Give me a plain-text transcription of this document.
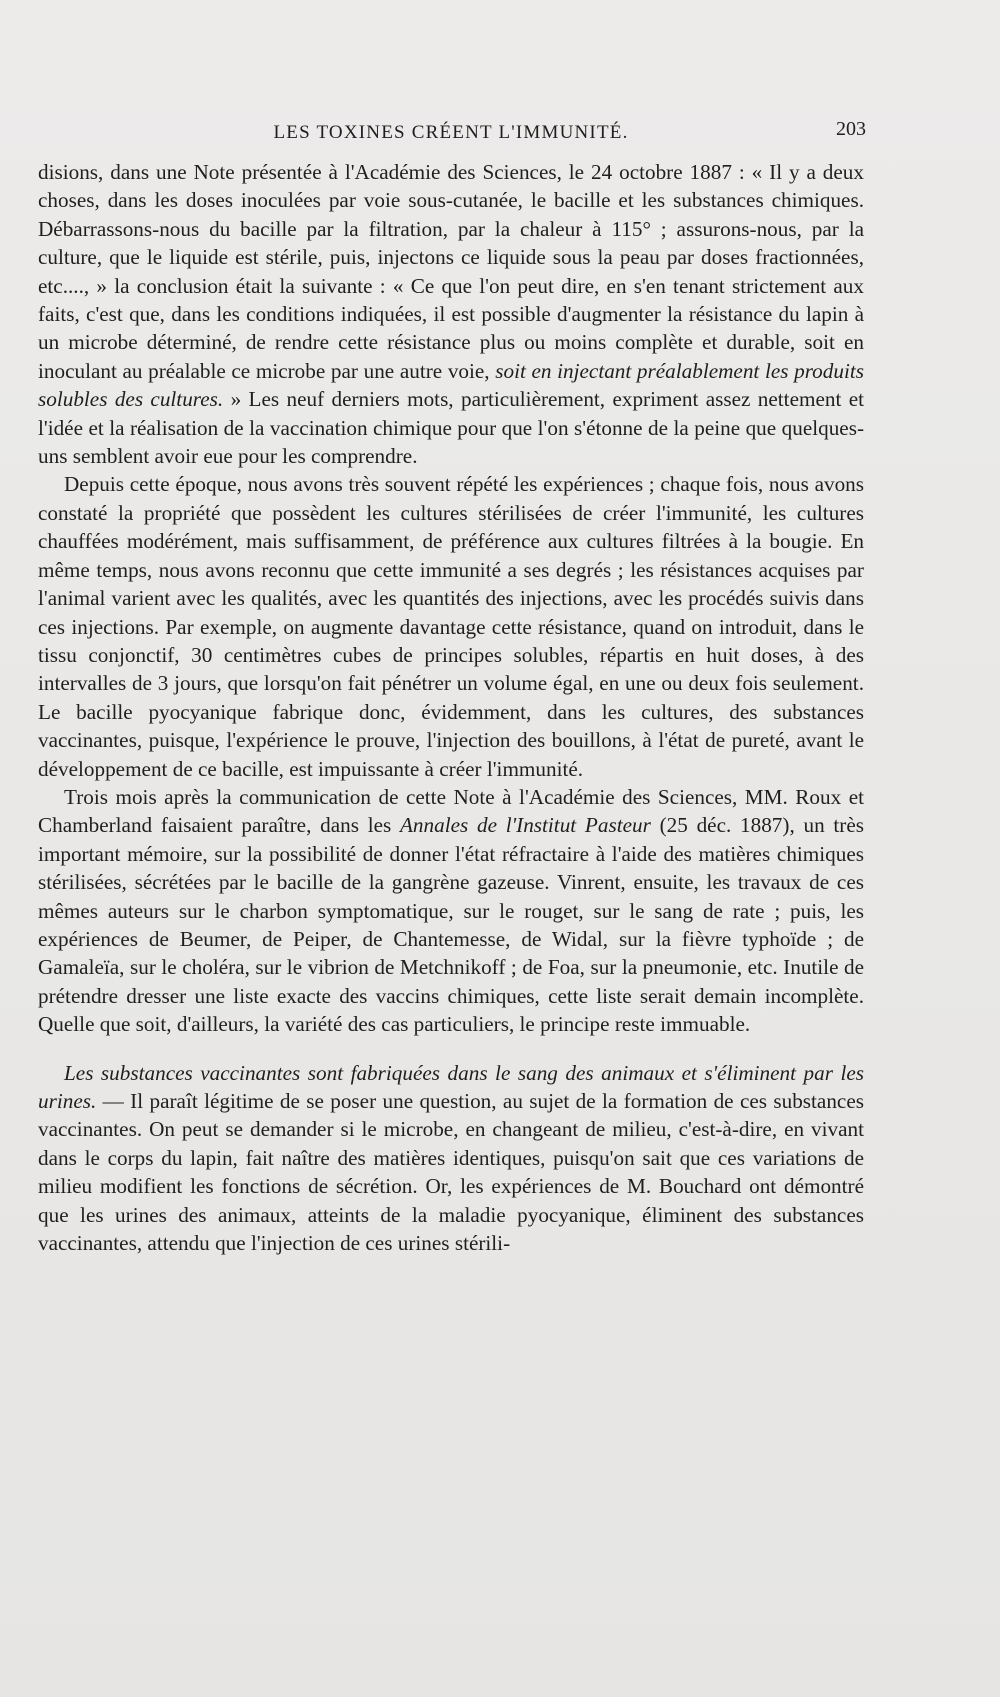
LES TOXINES CRÉENT L'IMMUNITÉ.	203

disions, dans une Note présentée à l'Académie des Sciences, le 24 octobre 1887 : « Il y a deux choses, dans les doses inoculées par voie sous-cutanée, le bacille et les substances chimiques. Débarrassons-nous du bacille par la filtration, par la chaleur à 115° ; assurons-nous, par la culture, que le liquide est stérile, puis, injectons ce liquide sous la peau par doses fractionnées, etc...., » la conclusion était la suivante : « Ce que l'on peut dire, en s'en tenant strictement aux faits, c'est que, dans les conditions indiquées, il est possible d'augmenter la résistance du lapin à un microbe déterminé, de rendre cette résistance plus ou moins complète et durable, soit en inoculant au préalable ce microbe par une autre voie, soit en injectant préalablement les produits solubles des cultures. » Les neuf derniers mots, particulièrement, expriment assez nettement et l'idée et la réalisation de la vaccination chimique pour que l'on s'étonne de la peine que quelques-uns semblent avoir eue pour les comprendre.

Depuis cette époque, nous avons très souvent répété les expériences ; chaque fois, nous avons constaté la propriété que possèdent les cultures stérilisées de créer l'immunité, les cultures chauffées modérément, mais suffisamment, de préférence aux cultures filtrées à la bougie. En même temps, nous avons reconnu que cette immunité a ses degrés ; les résistances acquises par l'animal varient avec les qualités, avec les quantités des injections, avec les procédés suivis dans ces injections. Par exemple, on augmente davantage cette résistance, quand on introduit, dans le tissu conjonctif, 30 centimètres cubes de principes solubles, répartis en huit doses, à des intervalles de 3 jours, que lorsqu'on fait pénétrer un volume égal, en une ou deux fois seulement. Le bacille pyocyanique fabrique donc, évidemment, dans les cultures, des substances vaccinantes, puisque, l'expérience le prouve, l'injection des bouillons, à l'état de pureté, avant le développement de ce bacille, est impuissante à créer l'immunité.

Trois mois après la communication de cette Note à l'Académie des Sciences, MM. Roux et Chamberland faisaient paraître, dans les Annales de l'Institut Pasteur (25 déc. 1887), un très important mémoire, sur la possibilité de donner l'état réfractaire à l'aide des matières chimiques stérilisées, sécrétées par le bacille de la gangrène gazeuse. Vinrent, ensuite, les travaux de ces mêmes auteurs sur le charbon symptomatique, sur le rouget, sur le sang de rate ; puis, les expériences de Beumer, de Peiper, de Chantemesse, de Widal, sur la fièvre typhoïde ; de Gamaleïa, sur le choléra, sur le vibrion de Metchnikoff ; de Foa, sur la pneumonie, etc. Inutile de prétendre dresser une liste exacte des vaccins chimiques, cette liste serait demain incomplète. Quelle que soit, d'ailleurs, la variété des cas particuliers, le principe reste immuable.

Les substances vaccinantes sont fabriquées dans le sang des animaux et s'éliminent par les urines. — Il paraît légitime de se poser une question, au sujet de la formation de ces substances vaccinantes. On peut se demander si le microbe, en changeant de milieu, c'est-à-dire, en vivant dans le corps du lapin, fait naître des matières identiques, puisqu'on sait que ces variations de milieu modifient les fonctions de sécrétion. Or, les expériences de M. Bouchard ont démontré que les urines des animaux, atteints de la maladie pyocyanique, éliminent des substances vaccinantes, attendu que l'injection de ces urines stérili-
